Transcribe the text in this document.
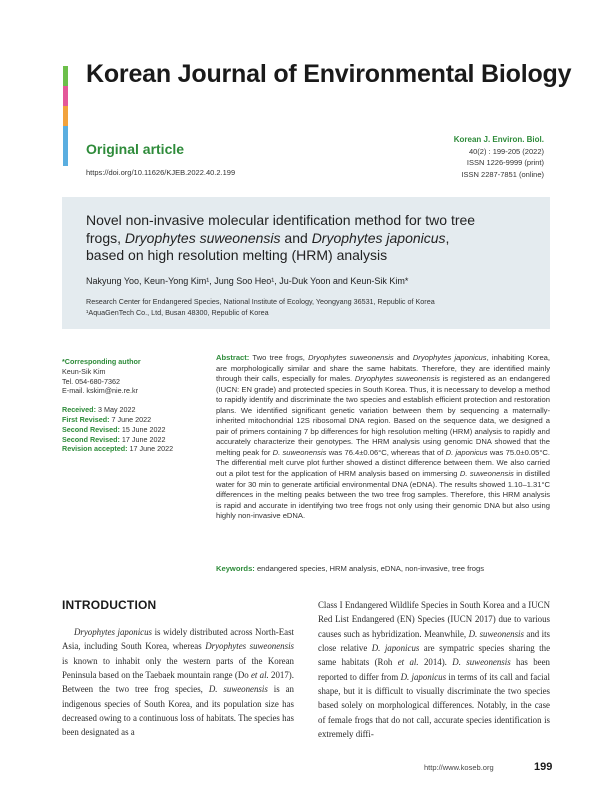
Korean Journal of Environmental Biology
Original article
https://doi.org/10.11626/KJEB.2022.40.2.199
Korean J. Environ. Biol.
40(2) : 199-205 (2022)
ISSN 1226-9999 (print)
ISSN 2287-7851 (online)
Novel non-invasive molecular identification method for two tree
frogs, Dryophytes suweonensis and Dryophytes japonicus,
based on high resolution melting (HRM) analysis
Nakyung Yoo, Keun-Yong Kim¹, Jung Soo Heo¹, Ju-Duk Yoon and Keun-Sik Kim*
Research Center for Endangered Species, National Institute of Ecology, Yeongyang 36531, Republic of Korea
¹AquaGenTech Co., Ltd, Busan 48300, Republic of Korea
*Corresponding author
Keun-Sik Kim
Tel. 054-680-7362
E-mail. kskim@nie.re.kr
Received: 3 May 2022
First Revised: 7 June 2022
Second Revised: 15 June 2022
Second Revised: 17 June 2022
Revision accepted: 17 June 2022
Abstract: Two tree frogs, Dryophytes suweonensis and Dryophytes japonicus, inhabiting Korea, are morphologically similar and share the same habitats. Therefore, they are identified mainly through their calls, especially for males. Dryophytes suweonensis is registered as an endangered (IUCN: EN grade) and protected species in South Korea. Thus, it is necessary to develop a method to rapidly identify and discriminate the two species and establish efficient protection and restoration plans. We identified significant genetic variation between them by sequencing a maternally-inherited mitochondrial 12S ribosomal DNA region. Based on the sequence data, we designed a pair of primers containing 7 bp differences for high resolution melting (HRM) analysis to rapidly and accurately characterize their genotypes. The HRM analysis using genomic DNA showed that the melting peak for D. suweonensis was 76.4±0.06°C, whereas that of D. japonicus was 75.0±0.05°C. The differential melt curve plot further showed a distinct difference between them. We also carried out a pilot test for the application of HRM analysis based on immersing D. suweonensis in distilled water for 30 min to generate artificial environmental DNA (eDNA). The results showed 1.10–1.31°C differences in the melting peaks between the two tree frog samples. Therefore, this HRM analysis is rapid and accurate in identifying two tree frogs not only using their genomic DNA but also using highly non-invasive eDNA.
Keywords: endangered species, HRM analysis, eDNA, non-invasive, tree frogs
INTRODUCTION
Dryophytes japonicus is widely distributed across North-East Asia, including South Korea, whereas Dryophytes suweonensis is known to inhabit only the western parts of the Korean Peninsula based on the Taebaek mountain range (Do et al. 2017). Between the two tree frog species, D. suweonensis is an indigenous species of South Korea, and its population size has decreased owing to a continuous loss of habitats. The species has been designated as a
Class I Endangered Wildlife Species in South Korea and a IUCN Red List Endangered (EN) Species (IUCN 2017) due to various causes such as hybridization. Meanwhile, D. suweonensis and its close relative D. japonicus are sympatric species sharing the same habitats (Roh et al. 2014). D. suweonensis has been reported to differ from D. japonicus in terms of its call and facial shape, but it is difficult to visually discriminate the two species based solely on morphological differences. Notably, in the case of female frogs that do not call, accurate species identification is extremely diffi-
http://www.koseb.org	199
